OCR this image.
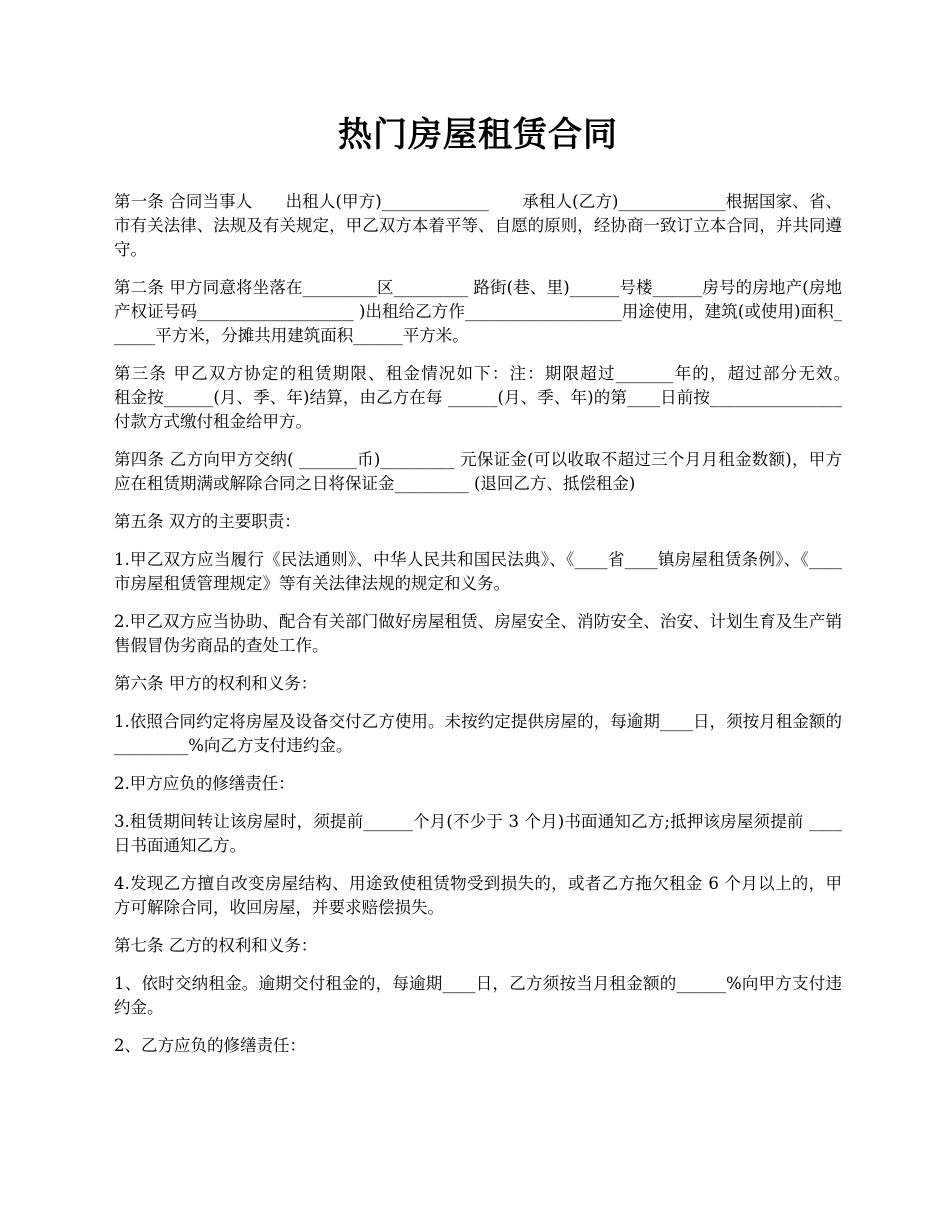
热门房屋租赁合同

第一条 合同当事人　　出租人(甲方)_____________　　承租人(乙方)_____________根据国家、省、市有关法律、法规及有关规定，甲乙双方本着平等、自愿的原则，经协商一致订立本合同，并共同遵守。

第二条 甲方同意将坐落在_________区_________ 路街(巷、里)______号楼______房号的房地产(房地产权证号码___________________ )出租给乙方作___________________用途使用，建筑(或使用)面积______平方米，分摊共用建筑面积______平方米。

第三条 甲乙双方协定的租赁期限、租金情况如下：注：期限超过_______年的，超过部分无效。　　租金按______(月、季、年)结算，由乙方在每 ______(月、季、年)的第____日前按________________ 付款方式缴付租金给甲方。

第四条 乙方向甲方交纳( _______币)_________ 元保证金(可以收取不超过三个月月租金数额)，甲方应在租赁期满或解除合同之日将保证金_________ (退回乙方、抵偿租金)

第五条 双方的主要职责：

1.甲乙双方应当履行《民法通则》、中华人民共和国民法典》、《____省____镇房屋租赁条例》、《____市房屋租赁管理规定》等有关法律法规的规定和义务。

2.甲乙双方应当协助、配合有关部门做好房屋租赁、房屋安全、消防安全、治安、计划生育及生产销售假冒伪劣商品的查处工作。

第六条 甲方的权利和义务：

1.依照合同约定将房屋及设备交付乙方使用。未按约定提供房屋的，每逾期____日，须按月租金额的_________%向乙方支付违约金。

2.甲方应负的修缮责任：

3.租赁期间转让该房屋时，须提前______个月(不少于 3 个月)书面通知乙方;抵押该房屋须提前 ____日书面通知乙方。

4.发现乙方擅自改变房屋结构、用途致使租赁物受到损失的，或者乙方拖欠租金 6 个月以上的，甲方可解除合同，收回房屋，并要求赔偿损失。

第七条 乙方的权利和义务：

1、依时交纳租金。逾期交付租金的，每逾期____日，乙方须按当月租金额的______%向甲方支付违约金。

2、乙方应负的修缮责任：
